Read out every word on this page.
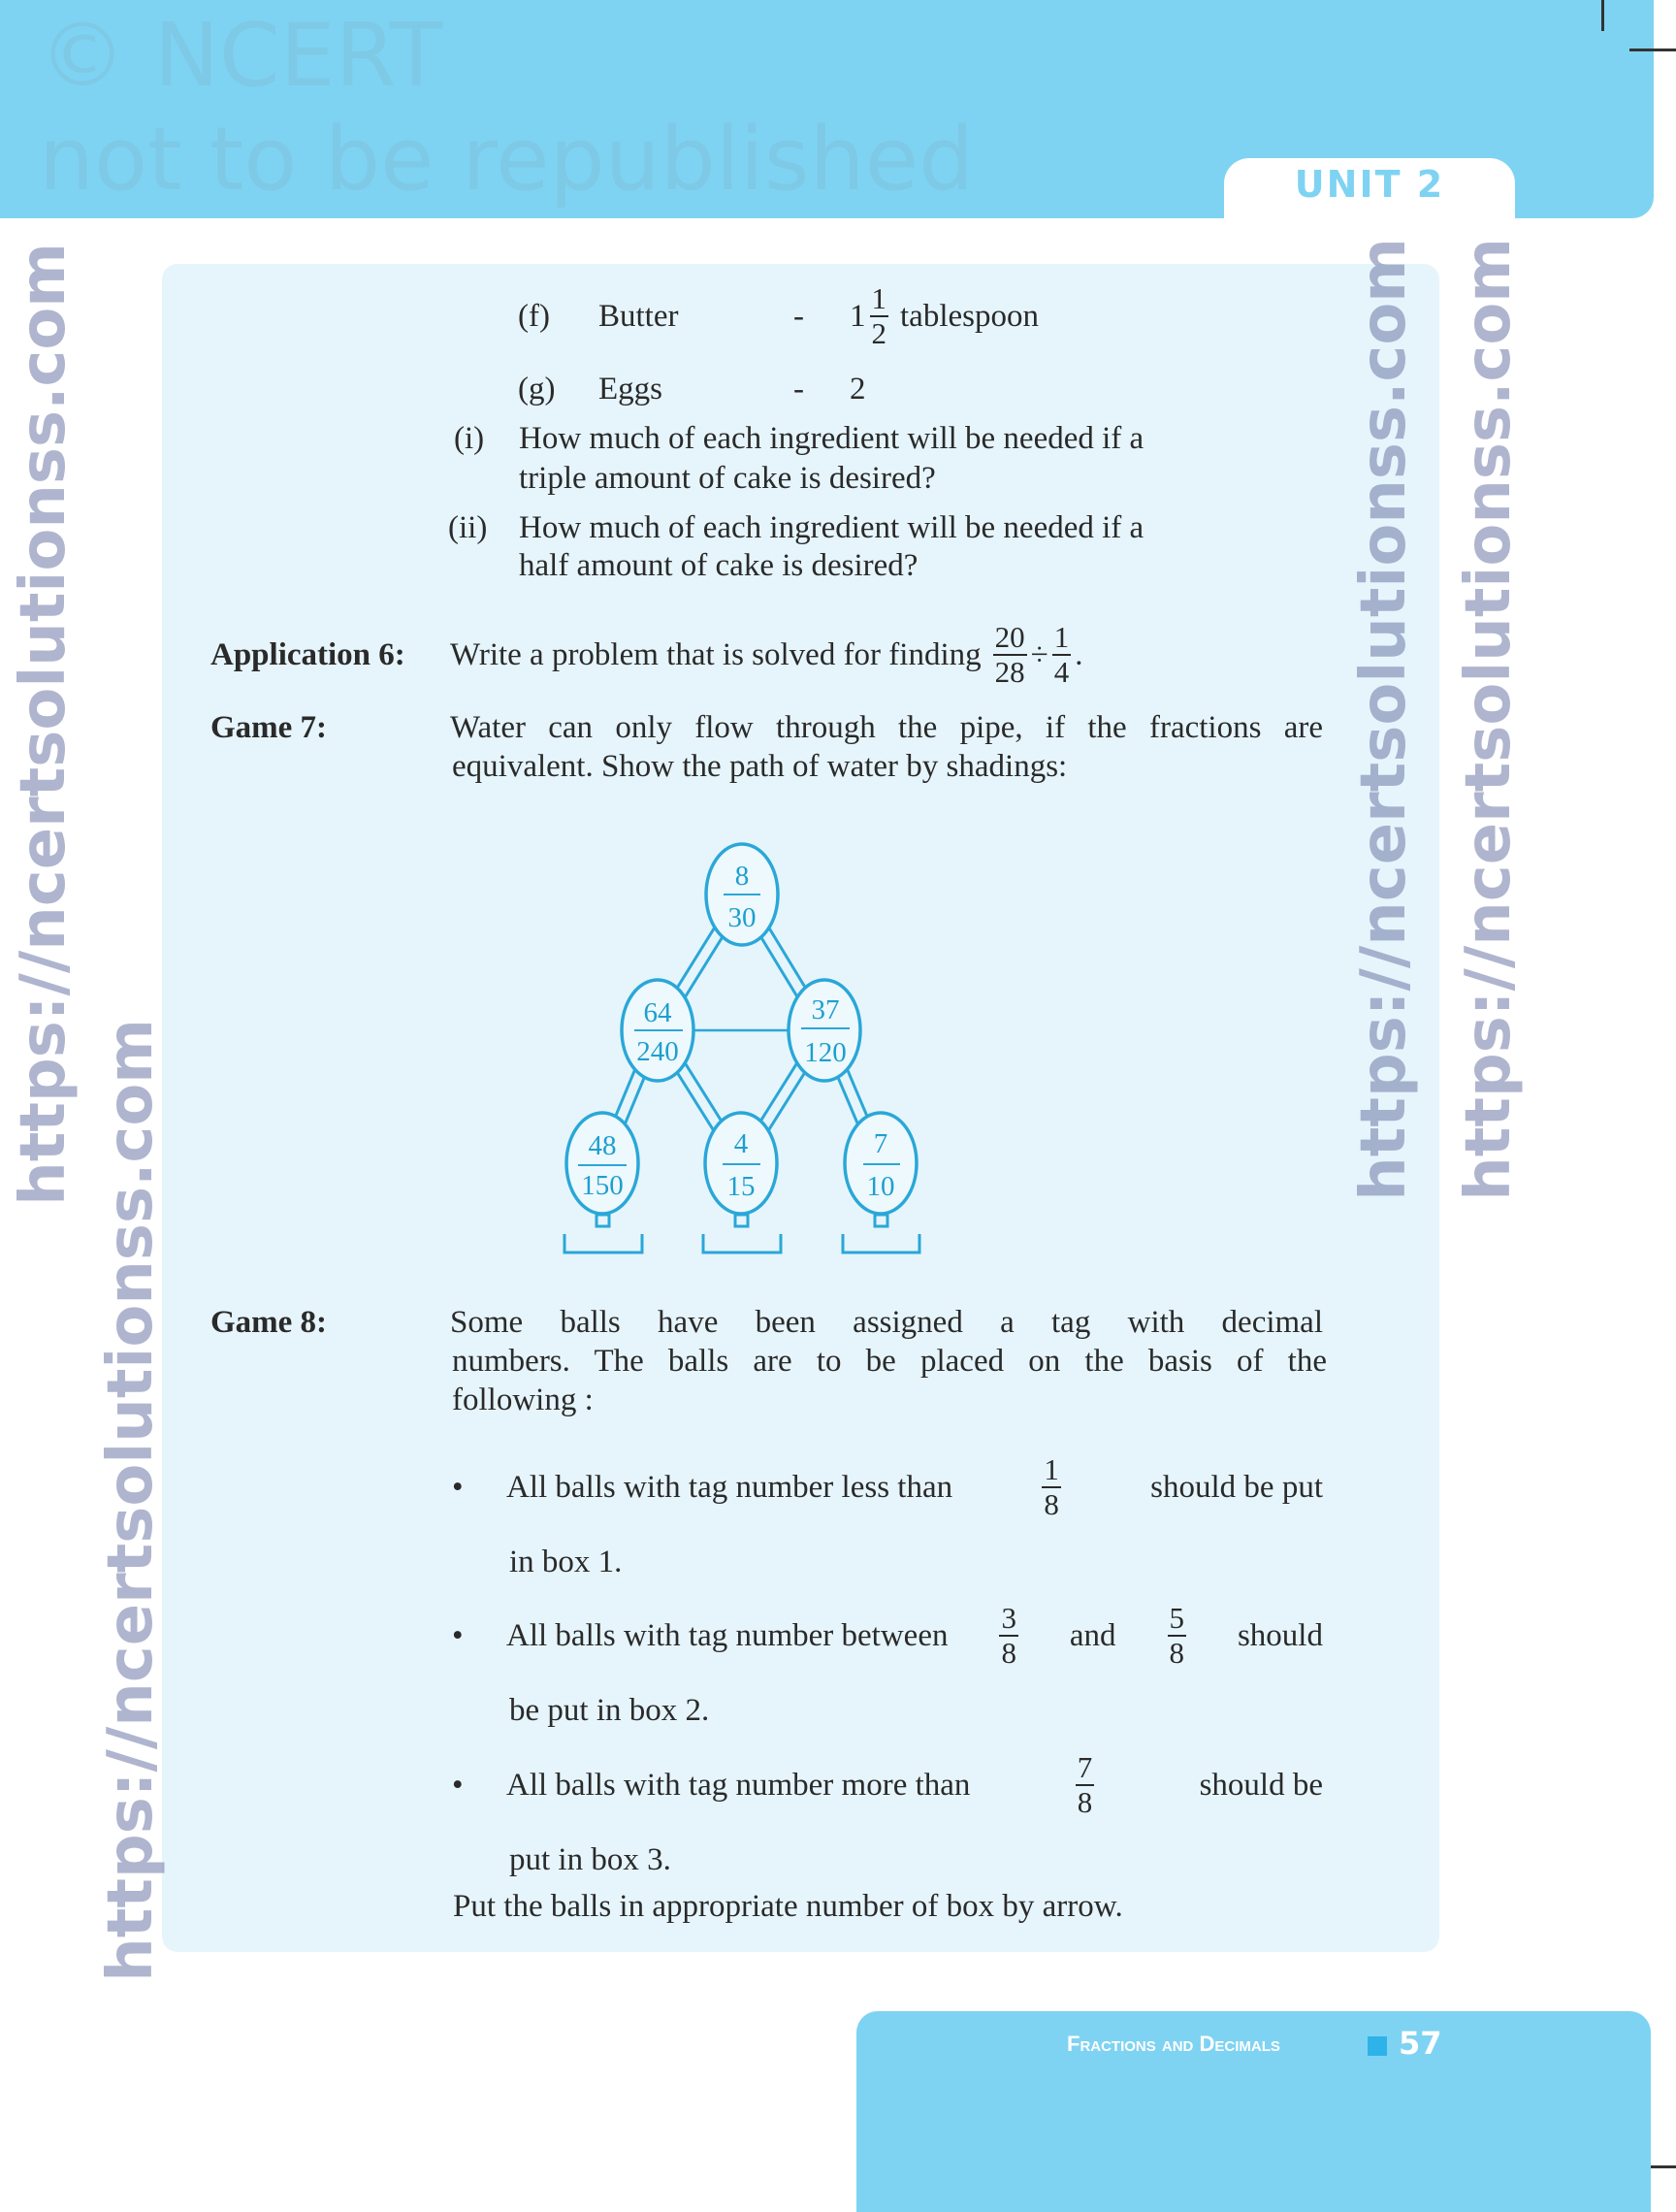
UNIT 2
(f) Butter	- $1 \frac{1}{2}$ tablespoon
(g) Eggs	- 2
(i) How much of each ingredient will be needed if a
triple amount of cake is desired?
(ii) How much of each ingredient will be needed if a
half amount of cake is desired?
Application 6: Write a problem that is solved for finding $\frac{20}{28} \div \frac{1}{4}$ .
Game 7:	Water can only flow through the pipe, if the fractions are
equivalent. Show the path of water by shadings:
8
30
64
240
37
120
48
150
4
15
7
10
Game 8:	Some balls have been assigned a tag with decimal
numbers. The balls are to be placed on the basis of the
following :
• All balls with tag number less than	$\frac{1}{8}$	should be put
in box 1.
• All balls with tag number between $\frac{3}{8}$ and $\frac{5}{8}$ should
be put in box 2.
• All balls with tag number more than	$\frac{7}{8}$	should be
put in box 3.
Put the balls in appropriate number of box by arrow.
Fractions and Decimals	57
© NCERT
not to be republished
https://ncertsolutionss.com
https://ncertsolutionss.com
https://ncertsolutionss.com https://ncertsolutionss.com
